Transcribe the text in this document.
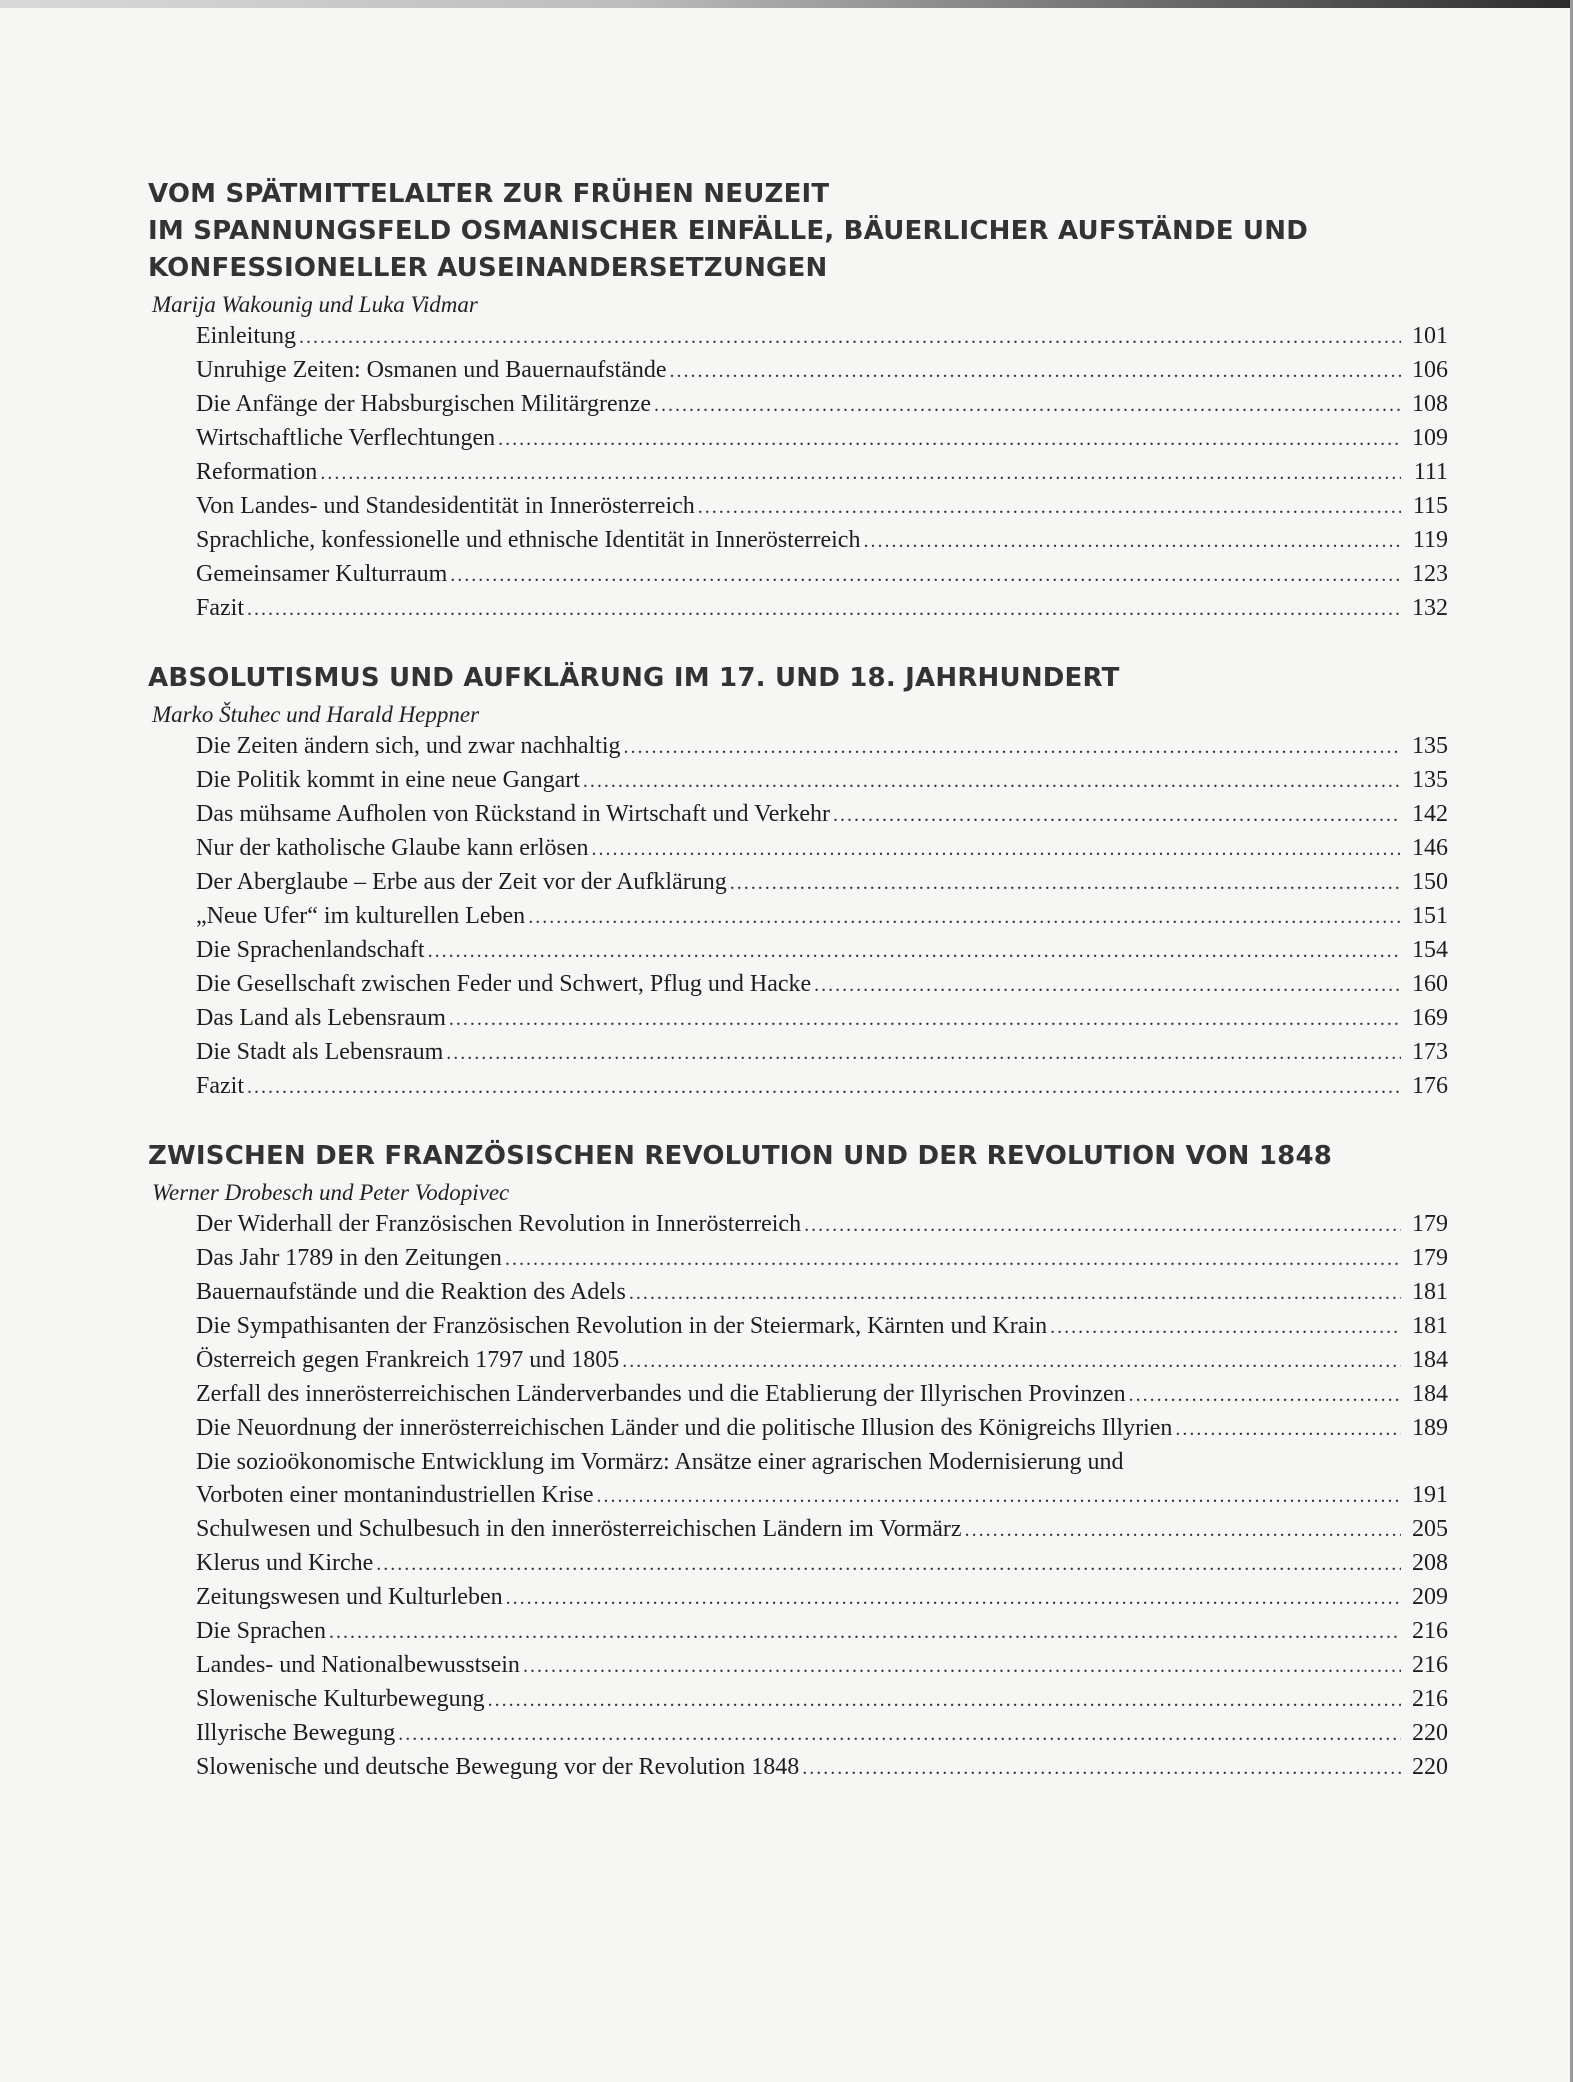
VOM SPÄTMITTELALTER ZUR FRÜHEN NEUZEIT
IM SPANNUNGSFELD OSMANISCHER EINFÄLLE, BÄUERLICHER AUFSTÄNDE UND
KONFESSIONELLER AUSEINANDERSETZUNGEN
Marija Wakounig und Luka Vidmar
Einleitung .....	101
Unruhige Zeiten: Osmanen und Bauernaufstände .....	106
Die Anfänge der Habsburgischen Militärgrenze .....	108
Wirtschaftliche Verflechtungen .....	109
Reformation .....	111
Von Landes- und Standesidentität in Innerösterreich .....	115
Sprachliche, konfessionelle und ethnische Identität in Innerösterreich .....	119
Gemeinsamer Kulturraum .....	123
Fazit .....	132
ABSOLUTISMUS UND AUFKLÄRUNG IM 17. UND 18. JAHRHUNDERT
Marko Štuhec und Harald Heppner
Die Zeiten ändern sich, und zwar nachhaltig .....	135
Die Politik kommt in eine neue Gangart .....	135
Das mühsame Aufholen von Rückstand in Wirtschaft und Verkehr .....	142
Nur der katholische Glaube kann erlösen .....	146
Der Aberglaube – Erbe aus der Zeit vor der Aufklärung .....	150
„Neue Ufer“ im kulturellen Leben .....	151
Die Sprachenlandschaft .....	154
Die Gesellschaft zwischen Feder und Schwert, Pflug und Hacke .....	160
Das Land als Lebensraum .....	169
Die Stadt als Lebensraum .....	173
Fazit .....	176
ZWISCHEN DER FRANZÖSISCHEN REVOLUTION UND DER REVOLUTION VON 1848
Werner Drobesch und Peter Vodopivec
Der Widerhall der Französischen Revolution in Innerösterreich .....	179
Das Jahr 1789 in den Zeitungen .....	179
Bauernaufstände und die Reaktion des Adels .....	181
Die Sympathisanten der Französischen Revolution in der Steiermark, Kärnten und Krain .....	181
Österreich gegen Frankreich 1797 und 1805 .....	184
Zerfall des innerösterreichischen Länderverbandes und die Etablierung der Illyrischen Provinzen .....	184
Die Neuordnung der innerösterreichischen Länder und die politische Illusion des Königreichs Illyrien .....	189
Die sozioökonomische Entwicklung im Vormärz: Ansätze einer agrarischen Modernisierung und
Vorboten einer montanindustriellen Krise .....	191
Schulwesen und Schulbesuch in den innerösterreichischen Ländern im Vormärz .....	205
Klerus und Kirche .....	208
Zeitungswesen und Kulturleben .....	209
Die Sprachen .....	216
Landes- und Nationalbewusstsein .....	216
Slowenische Kulturbewegung .....	216
Illyrische Bewegung .....	220
Slowenische und deutsche Bewegung vor der Revolution 1848 .....	220
